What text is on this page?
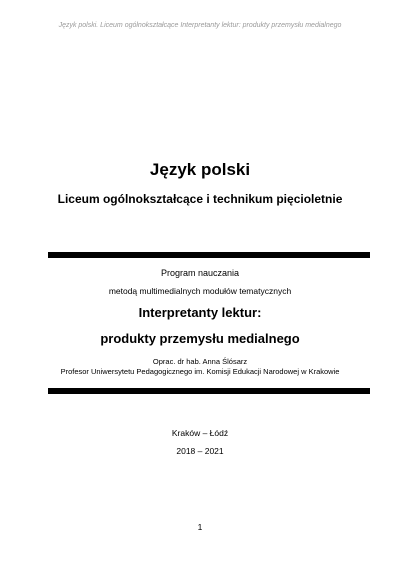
Język polski. Liceum ogólnokształcące Interpretanty lektur: produkty przemysłu medialnego
Język polski
Liceum ogólnokształcące i technikum pięcioletnie
Program nauczania
metodą multimedialnych modułów tematycznych
Interpretanty lektur:
produkty przemysłu medialnego
Oprac. dr hab. Anna Ślósarz
Profesor Uniwersytetu Pedagogicznego im. Komisji Edukacji Narodowej w Krakowie
Kraków – Łódź
2018 – 2021
1
